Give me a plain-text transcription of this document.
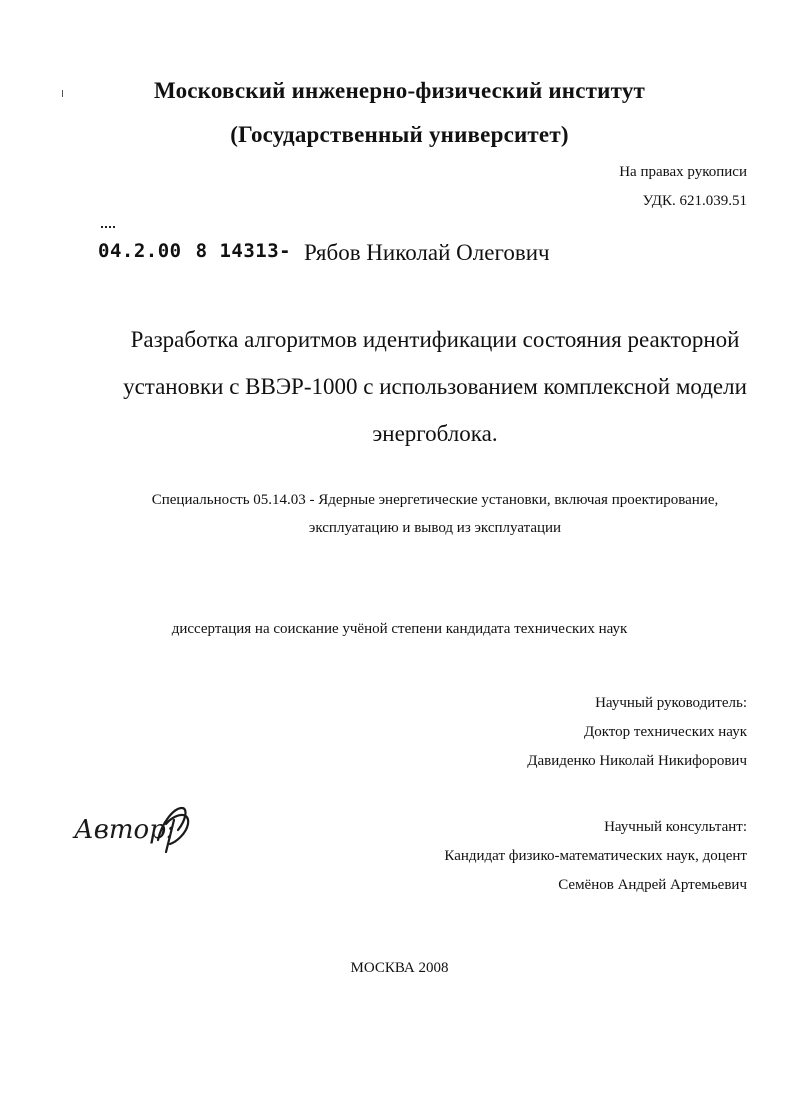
Московский инженерно-физический институт
(Государственный университет)

На правах рукописи

УДК. 621.039.51

04.2.00 8 14313- Рябов Николай Олегович

Разработка алгоритмов идентификации состояния реакторной установки с ВВЭР-1000 с использованием комплексной модели энергоблока.

Специальность 05.14.03 - Ядерные энергетические установки, включая проектирование, эксплуатацию и вывод из эксплуатации

диссертация на соискание учёной степени кандидата технических наук

Научный руководитель:

Доктор технических наук

Давиденко Николай Никифорович

Автор:	Научный консультант:

Кандидат физико-математических наук, доцент

Семёнов Андрей Артемьевич

МОСКВА 2008
